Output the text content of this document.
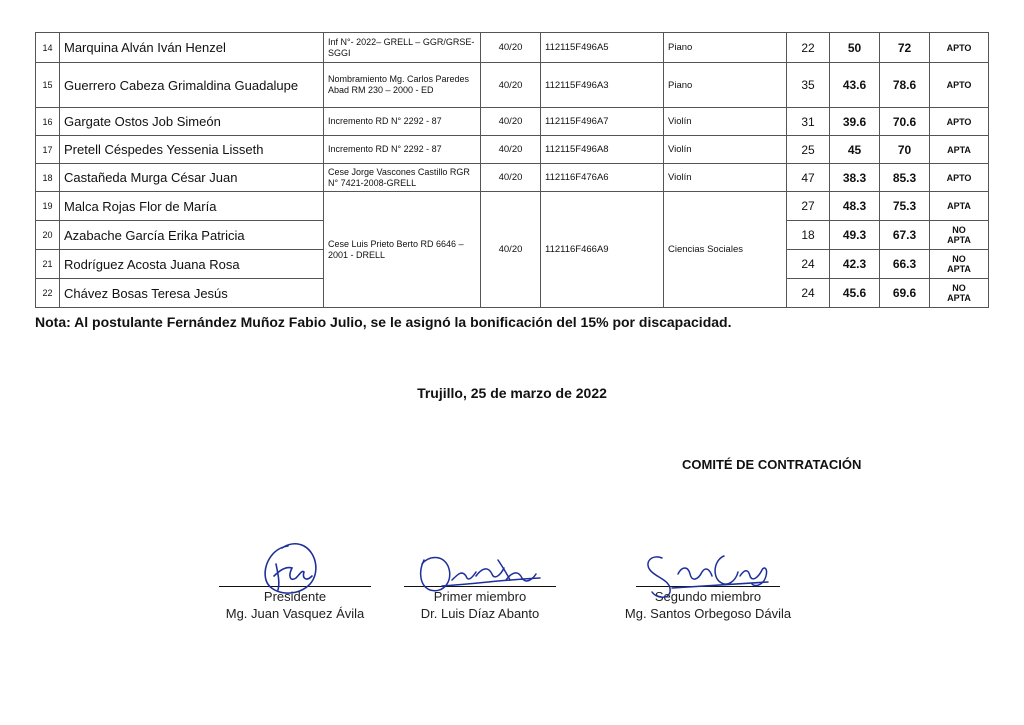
14	Marquina Alván Iván Henzel	Inf N°- 2022– GRELL – GGR/GRSE-SGGI	40/20	112115F496A5	Piano	22	50	72	APTO
15	Guerrero Cabeza Grimaldina Guadalupe	Nombramiento Mg. Carlos Paredes Abad RM 230 – 2000 - ED	40/20	112115F496A3	Piano	35	43.6	78.6	APTO
16	Gargate Ostos Job Simeón	Incremento RD N° 2292 - 87	40/20	112115F496A7	Violín	31	39.6	70.6	APTO
17	Pretell Céspedes Yessenia Lisseth	Incremento RD N° 2292 - 87	40/20	112115F496A8	Violín	25	45	70	APTA
18	Castañeda Murga César Juan	Cese Jorge Vascones Castillo RGR N° 7421-2008-GRELL	40/20	112116F476A6	Violín	47	38.3	85.3	APTO
19	Malca Rojas Flor de María	Cese Luis Prieto Berto RD 6646 – 2001 - DRELL	40/20	112116F466A9	Ciencias Sociales	27	48.3	75.3	APTA
20	Azabache García Erika Patricia					18	49.3	67.3	NO
APTA
21	Rodríguez Acosta Juana Rosa					24	42.3	66.3	NO
APTA
22	Chávez Bosas Teresa Jesús					24	45.6	69.6	NO
APTA
Nota: Al postulante Fernández Muñoz Fabio Julio, se le asignó la bonificación del 15% por discapacidad.
Trujillo, 25 de marzo de 2022
COMITÉ DE CONTRATACIÓN
Presidente
Mg. Juan Vasquez Ávila
Primer miembro
Dr. Luis Díaz Abanto
Segundo miembro
Mg. Santos Orbegoso Dávila
